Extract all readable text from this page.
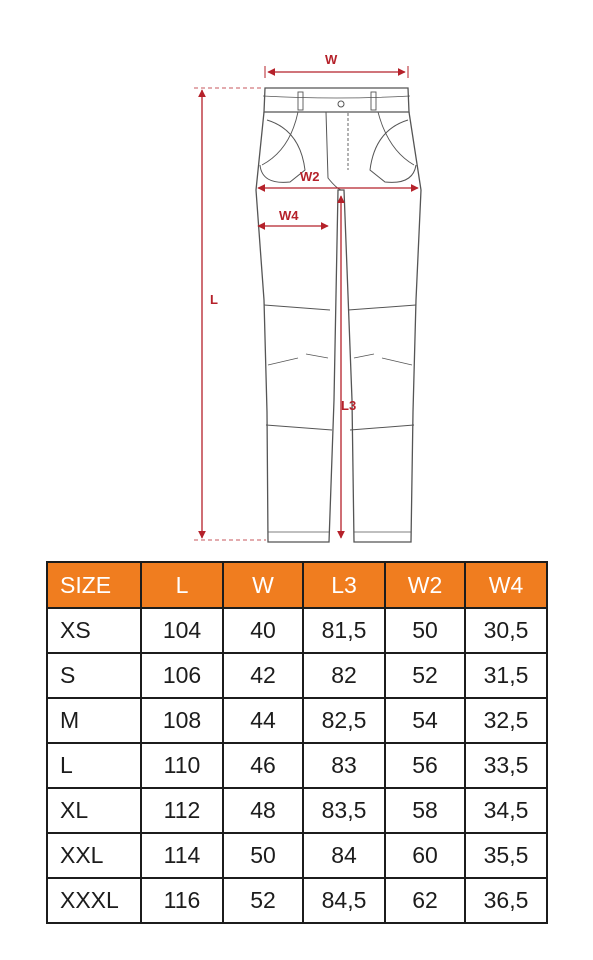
W
W2
W4
L
L3
SIZE	L	W	L3	W2	W4
XS	104	40	81,5	50	30,5
S	106	42	82	52	31,5
M	108	44	82,5	54	32,5
L	110	46	83	56	33,5
XL	112	48	83,5	58	34,5
XXL	114	50	84	60	35,5
XXXL	116	52	84,5	62	36,5
